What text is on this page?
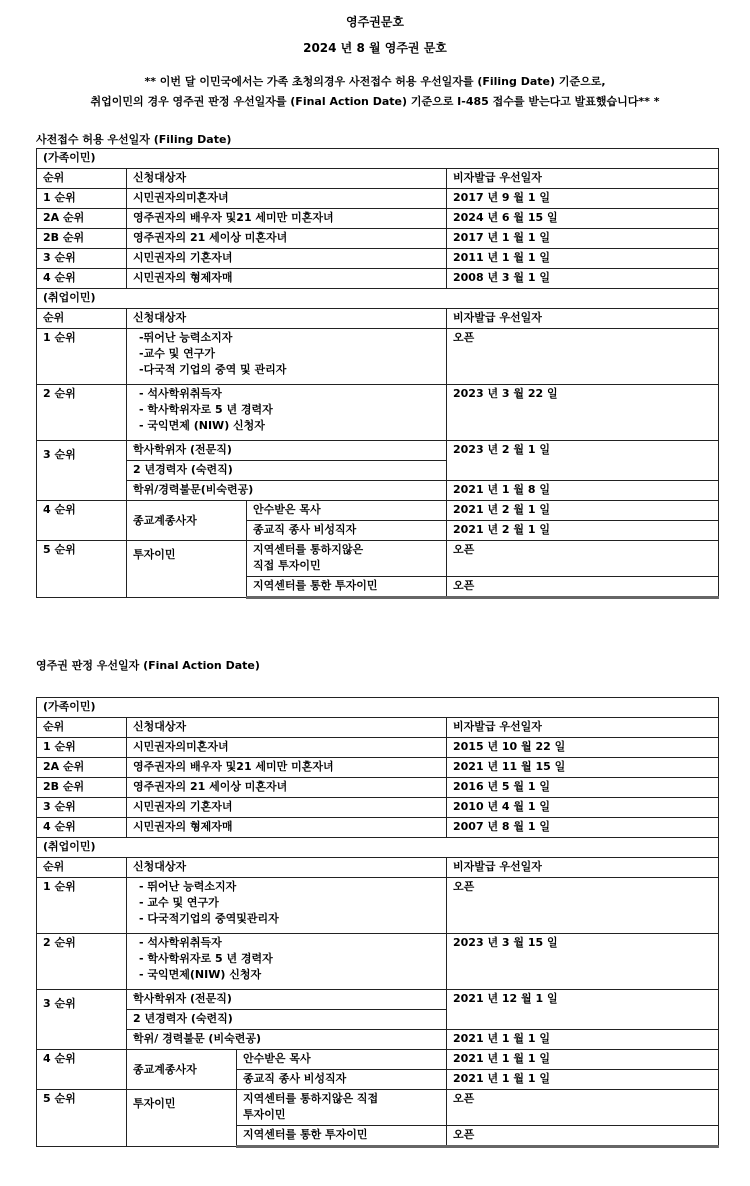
영주권문호
2024 년 8 월 영주권 문호
** 이번 달 이민국에서는 가족 초청의경우 사전접수 허용 우선일자를 (Filing Date) 기준으로,
취업이민의 경우 영주권 판정 우선일자를 (Final Action Date) 기준으로 I-485 접수를 받는다고 발표했습니다** *
사전접수 허용 우선일자 (Filing Date)
(가족이민)			
순위	신청대상자		비자발급 우선일자
1 순위	시민권자의미혼자녀		2017 년 9 월 1 일
2A 순위	영주권자의 배우자 및21 세미만 미혼자녀		2024 년 6 월 15 일
2B 순위	영주권자의 21 세이상 미혼자녀		2017 년 1 월 1 일
3 순위	시민권자의 기혼자녀		2011 년 1 월 1 일
4 순위	시민권자의 형제자매		2008 년 3 월 1 일
(취업이민)			
순위	신청대상자		비자발급 우선일자
1 순위	-뛰어난 능력소지자
-교수 및 연구가
-다국적 기업의 중역 및 관리자		오픈
2 순위	- 석사학위취득자
- 학사학위자로 5 년 경력자
- 국익면제 (NIW) 신청자		2023 년 3 월 22 일
3 순위	학사학위자 (전문직)		2023 년 2 월 1 일
	2 년경력자 (숙련직)		
	학위/경력불문(비숙련공)		2021 년 1 월 8 일
4 순위	종교계종사자	안수받은 목사	2021 년 2 월 1 일
		종교직 종사 비성직자	2021 년 2 월 1 일
5 순위	투자이민	지역센터를 통하지않은
직접 투자이민	오픈
		지역센터를 통한 투자이민	오픈
영주권 판정 우선일자 (Final Action Date)
(가족이민)			
순위	신청대상자		비자발급 우선일자
1 순위	시민권자의미혼자녀		2015 년 10 월 22 일
2A 순위	영주권자의 배우자 및21 세미만 미혼자녀		2021 년 11 월 15 일
2B 순위	영주권자의 21 세이상 미혼자녀		2016 년 5 월 1 일
3 순위	시민권자의 기혼자녀		2010 년 4 월 1 일
4 순위	시민권자의 형제자매		2007 년 8 월 1 일
(취업이민)			
순위	신청대상자		비자발급 우선일자
1 순위	- 뛰어난 능력소지자
- 교수 및 연구가
- 다국적기업의 중역및관리자		오픈
2 순위	- 석사학위취득자
- 학사학위자로 5 년 경력자
- 국익면제(NIW) 신청자		2023 년 3 월 15 일
3 순위	학사학위자 (전문직)		2021 년 12 월 1 일
	2 년경력자 (숙련직)		
	학위/ 경력불문 (비숙련공)		2021 년 1 월 1 일
4 순위	종교계종사자	안수받은 목사	2021 년 1 월 1 일
		종교직 종사 비성직자	2021 년 1 월 1 일
5 순위	투자이민	지역센터를 통하지않은 직접
투자이민	오픈
		지역센터를 통한 투자이민	오픈
